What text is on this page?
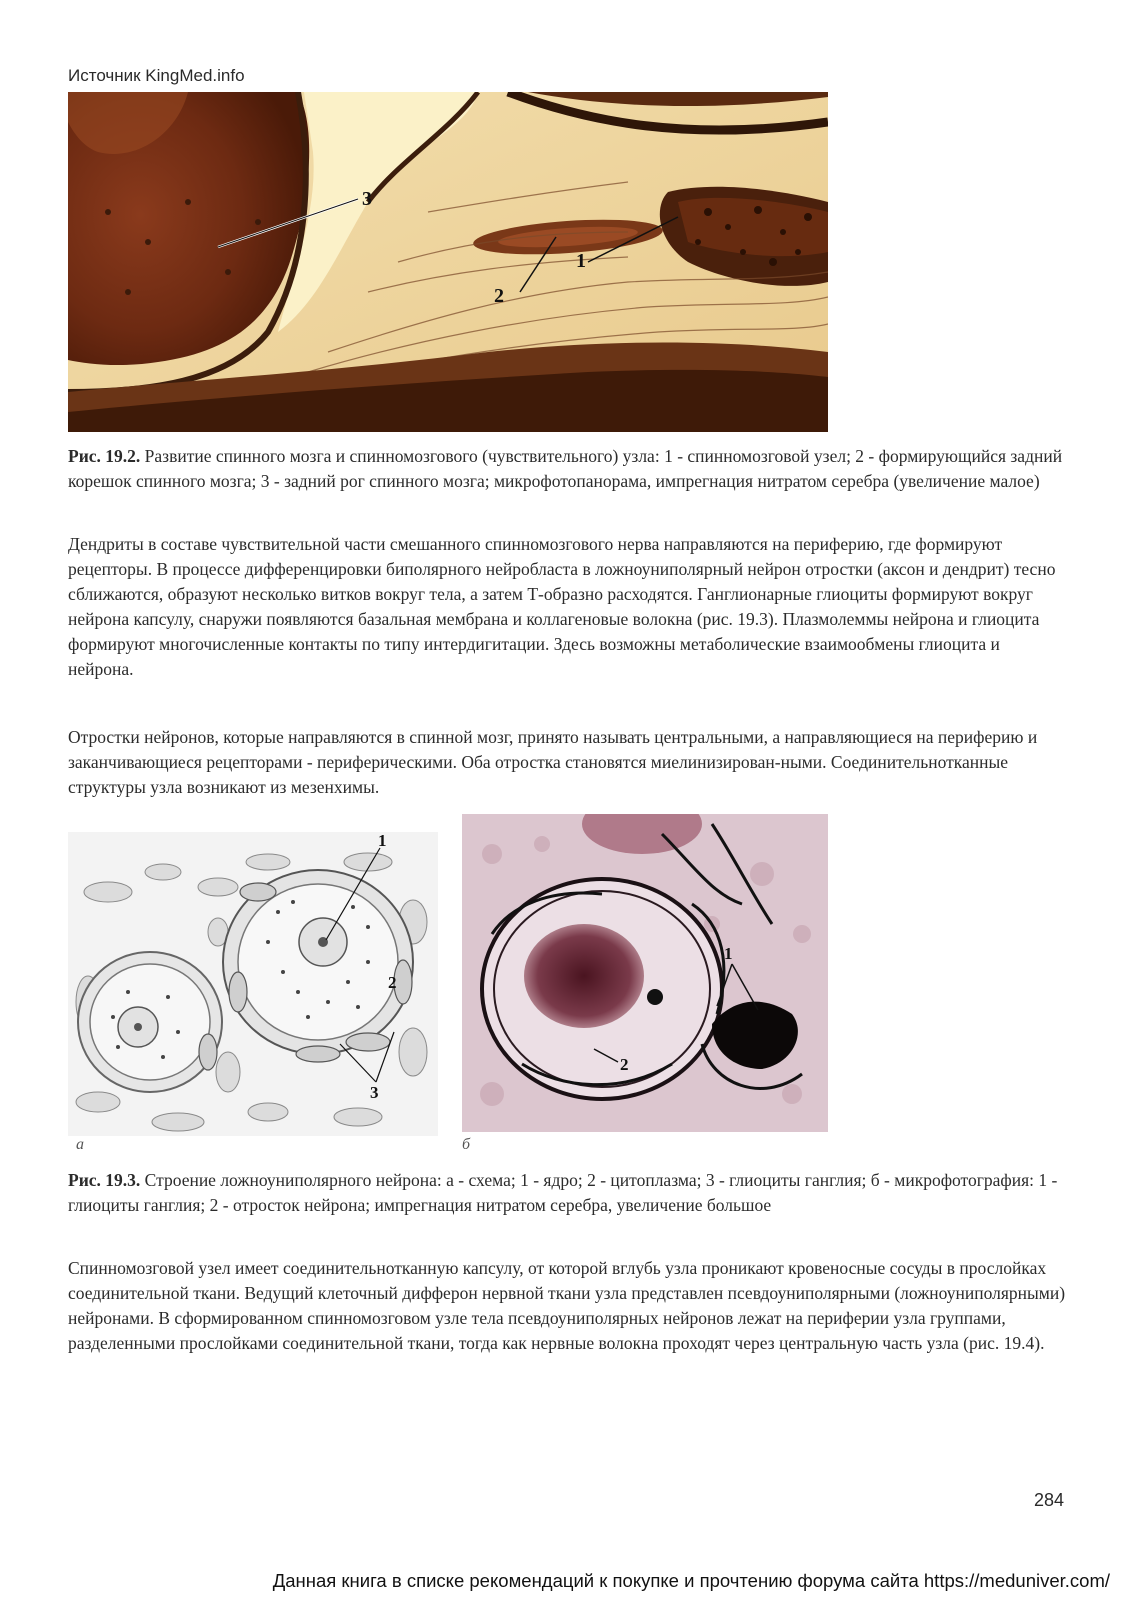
Источник KingMed.info
3
2
1

Рис. 19.2. Развитие спинного мозга и спинномозгового (чувствительного) узла: 1 - спинномозговой узел; 2 - формирующийся задний корешок спинного мозга; 3 - задний рог спинного мозга; микрофотопанорама, импрегнация нитратом серебра (увеличение малое)

Дендриты в составе чувствительной части смешанного спинномозгового нерва направляются на периферию, где формируют рецепторы. В процессе дифференцировки биполярного нейробласта в ложноуниполярный нейрон отростки (аксон и дендрит) тесно сближаются, образуют несколько витков вокруг тела, а затем Т-образно расходятся. Ганглионарные глиоциты формируют вокруг нейрона капсулу, снаружи появляются базальная мембрана и коллагеновые волокна (рис. 19.3). Плазмолеммы нейрона и глиоцита формируют многочисленные контакты по типу интердигитации. Здесь возможны метаболические взаимообмены глиоцита и нейрона.

Отростки нейронов, которые направляются в спинной мозг, принято называть центральными, а направляющиеся на периферию и заканчивающиеся рецепторами - периферическими. Оба отростка становятся миелинизирован-ными. Соединительнотканные структуры узла возникают из мезенхимы.

1
2
3
1
2
а	б

Рис. 19.3. Строение ложноуниполярного нейрона: а - схема; 1 - ядро; 2 - цитоплазма; 3 - глиоциты ганглия; б - микрофотография: 1 - глиоциты ганглия; 2 - отросток нейрона; импрегнация нитратом серебра, увеличение большое

Спинномозговой узел имеет соединительнотканную капсулу, от которой вглубь узла проникают кровеносные сосуды в прослойках соединительной ткани. Ведущий клеточный дифферон нервной ткани узла представлен псевдоуниполярными (ложноуниполярными) нейронами. В сформированном спинномозговом узле тела псевдоуниполярных нейронов лежат на периферии узла группами, разделенными прослойками соединительной ткани, тогда как нервные волокна проходят через центральную часть узла (рис. 19.4).

284
Данная книга в списке рекомендаций к покупке и прочтению форума сайта https://meduniver.com/
